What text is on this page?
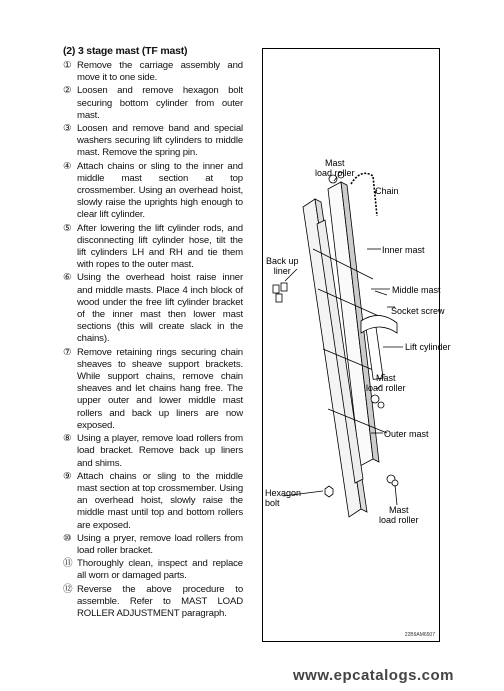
(2) 3 stage mast (TF mast)
① Remove the carriage assembly and move it to one side.
② Loosen and remove hexagon bolt securing bottom cylinder from outer mast.
③ Loosen and remove band and special washers securing lift cylinders to middle mast. Remove the spring pin.
④ Attach chains or sling to the inner and middle mast section at top crossmember. Using an overhead hoist, slowly raise the uprights high enough to clear lift cylinder.
⑤ After lowering the lift cylinder rods, and disconnecting lift cylinder hose, tilt the lift cylinders LH and RH and tie them with ropes to the outer mast.
⑥ Using the overhead hoist raise inner and middle masts. Place 4 inch block of wood under the free lift cylinder bracket of the inner mast then lower mast sections (this will create slack in the chains).
⑦ Remove retaining rings securing chain sheaves to sheave support brackets. While support chains, remove chain sheaves and let chains hang free. The upper outer and lower middle mast rollers and back up liners are now exposed.
⑧ Using a player, remove load rollers from load bracket. Remove back up liners and shims.
⑨ Attach chains or sling to the middle mast section at top crossmember. Using an overhead hoist, slowly raise the middle mast until top and bottom rollers are exposed.
⑩ Using a pryer, remove load rollers from load roller bracket.
⑪ Thoroughly clean, inspect and replace all worn or damaged parts.
⑫ Reverse the above procedure to assemble. Refer to MAST LOAD ROLLER ADJUSTMENT paragraph.
Mast
load roller
Chain
Back up
liner
Inner mast
Middle mast
Socket screw
Lift cylinder
Mast
load roller
Outer mast
Hexagon
bolt
Mast
load roller
22B9AM6507
www.epcatalogs.com
